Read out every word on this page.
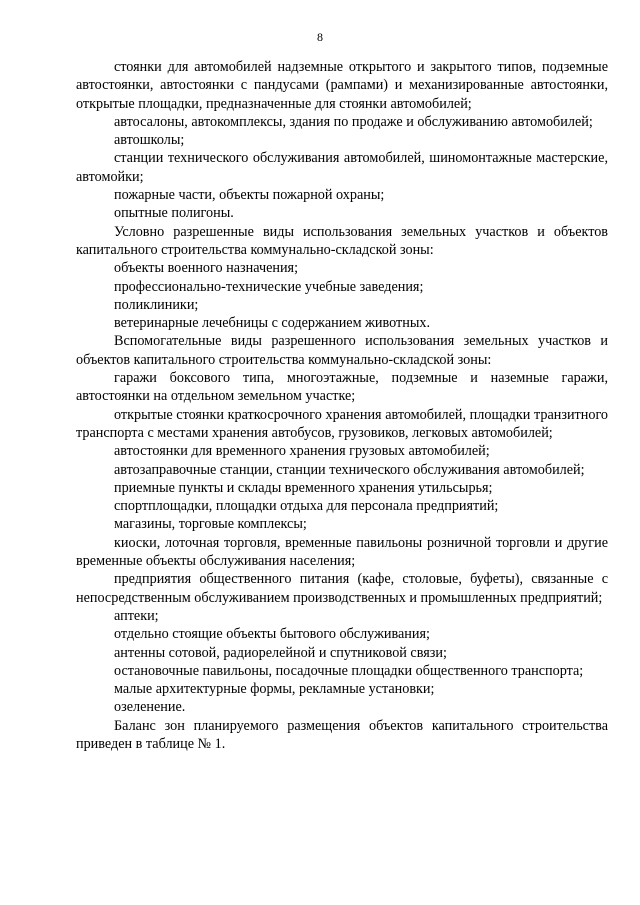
8

стоянки для автомобилей надземные открытого и закрытого типов, подземные автостоянки, автостоянки с пандусами (рампами) и механизированные автостоянки, открытые площадки, предназначенные для стоянки автомобилей;

автосалоны, автокомплексы, здания по продаже и обслуживанию автомобилей;

автошколы;

станции технического обслуживания автомобилей, шиномонтажные мастерские, автомойки;

пожарные части, объекты пожарной охраны;

опытные полигоны.

Условно разрешенные виды использования земельных участков и объектов капитального строительства коммунально-складской зоны:

объекты военного назначения;

профессионально-технические учебные заведения;

поликлиники;

ветеринарные лечебницы с содержанием животных.

Вспомогательные виды разрешенного использования земельных участков и объектов капитального строительства коммунально-складской зоны:

гаражи боксового типа, многоэтажные, подземные и наземные гаражи, автостоянки на отдельном земельном участке;

открытые стоянки краткосрочного хранения автомобилей, площадки транзитного транспорта с местами хранения автобусов, грузовиков, легковых автомобилей;

автостоянки для временного хранения грузовых автомобилей;

автозаправочные станции, станции технического обслуживания автомобилей;

приемные пункты и склады временного хранения утильсырья;

спортплощадки, площадки отдыха для персонала предприятий;

магазины, торговые комплексы;

киоски, лоточная торговля, временные павильоны розничной торговли и другие временные объекты обслуживания населения;

предприятия общественного питания (кафе, столовые, буфеты), связанные с непосредственным обслуживанием производственных и промышленных предприятий;

аптеки;

отдельно стоящие объекты бытового обслуживания;

антенны сотовой, радиорелейной и спутниковой связи;

остановочные павильоны, посадочные площадки общественного транспорта;

малые архитектурные формы, рекламные установки;

озеленение.

Баланс зон планируемого размещения объектов капитального строительства приведен в таблице № 1.
